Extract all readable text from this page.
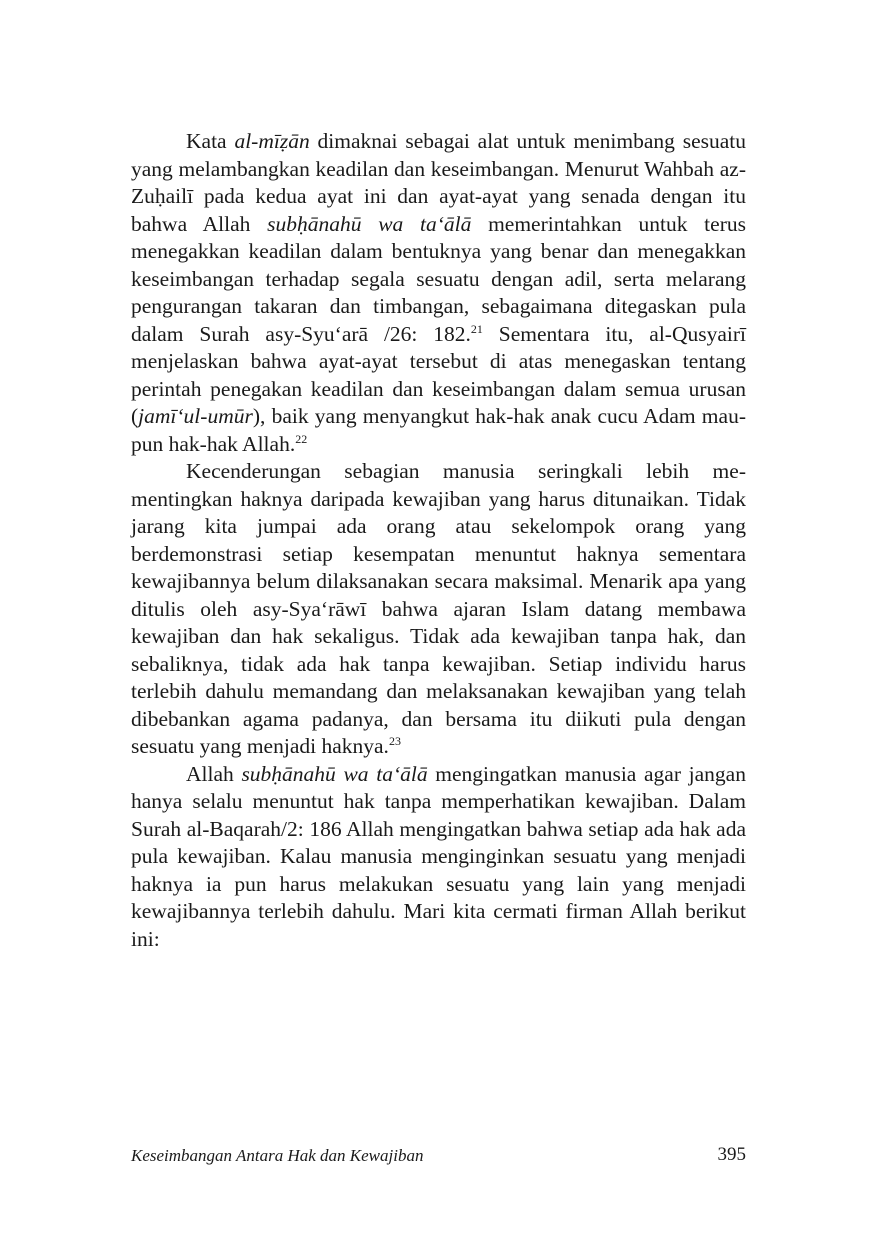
Kata al-mīẓān dimaknai sebagai alat untuk menimbang sesuatu yang melambangkan keadilan dan keseimbangan. Menurut Wahbah az-Zuḥailī pada kedua ayat ini dan ayat-ayat yang senada dengan itu bahwa Allah subḥānahū wa ta‘ālā memerintahkan untuk terus menegakkan keadilan dalam bentuknya yang benar dan menegakkan keseimbangan terhadap segala sesuatu dengan adil, serta melarang pengurangan takaran dan timbangan, sebagaimana ditegaskan pula dalam Surah asy-Syu‘arā /26: 182.21 Sementara itu, al-Qusyairī menjelaskan bahwa ayat-ayat tersebut di atas menegaskan tentang perintah penegakan keadilan dan keseimbangan dalam semua urusan (jamī‘ul-umūr), baik yang menyangkut hak-hak anak cucu Adam maupun hak-hak Allah.$^{22}$

Kecenderungan sebagian manusia seringkali lebih mementingkan haknya daripada kewajiban yang harus ditunaikan. Tidak jarang kita jumpai ada orang atau sekelompok orang yang berdemonstrasi setiap kesempatan menuntut haknya sementara kewajibannya belum dilaksanakan secara maksimal. Menarik apa yang ditulis oleh asy-Sya‘rāwī bahwa ajaran Islam datang membawa kewajiban dan hak sekaligus. Tidak ada kewajiban tanpa hak, dan sebaliknya, tidak ada hak tanpa kewajiban. Setiap individu harus terlebih dahulu memandang dan melaksanakan kewajiban yang telah dibebankan agama padanya, dan bersama itu diikuti pula dengan sesuatu yang menjadi haknya.$^{23}$

Allah subḥānahū wa ta‘ālā mengingatkan manusia agar jangan hanya selalu menuntut hak tanpa memperhatikan kewajiban. Dalam Surah al-Baqarah/2: 186 Allah mengingatkan bahwa setiap ada hak ada pula kewajiban. Kalau manusia menginginkan sesuatu yang menjadi haknya ia pun harus melakukan sesuatu yang lain yang menjadi kewajibannya terlebih dahulu. Mari kita cermati firman Allah berikut ini:

Keseimbangan Antara Hak dan Kewajiban	395
